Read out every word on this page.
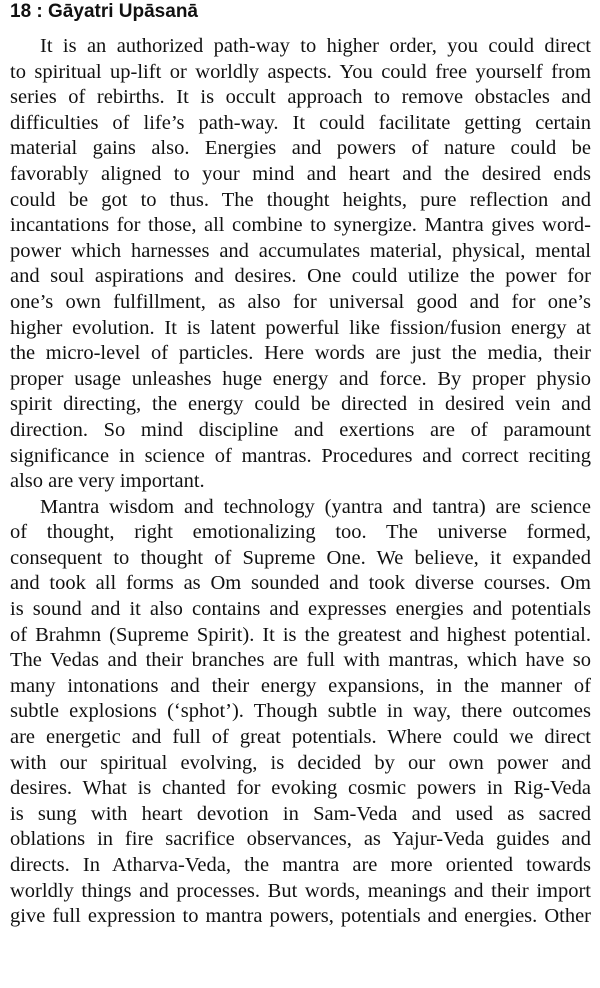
18 : Gāyatri Upāsanā
It is an authorized path-way to higher order, you could direct
to spiritual up-lift or worldly aspects. You could free yourself from
series of rebirths. It is occult approach to remove obstacles and
difficulties of life’s path-way. It could facilitate getting certain
material gains also. Energies and powers of nature could be
favorably aligned to your mind and heart and the desired ends
could be got to thus. The thought heights, pure reflection and
incantations for those, all combine to synergize. Mantra gives word-
power which harnesses and accumulates material, physical, mental
and soul aspirations and desires. One could utilize the power for
one’s own fulfillment, as also for universal good and for one’s
higher evolution. It is latent powerful like fission/fusion energy at
the micro-level of particles. Here words are just the media, their
proper usage unleashes huge energy and force. By proper physio
spirit directing, the energy could be directed in desired vein and
direction. So mind discipline and exertions are of paramount
significance in science of mantras. Procedures and correct reciting
also are very important.
Mantra wisdom and technology (yantra and tantra) are science
of thought, right emotionalizing too. The universe formed,
consequent to thought of Supreme One. We believe, it expanded
and took all forms as Om sounded and took diverse courses. Om
is sound and it also contains and expresses energies and potentials
of Brahmn (Supreme Spirit). It is the greatest and highest potential.
The Vedas and their branches are full with mantras, which have so
many intonations and their energy expansions, in the manner of
subtle explosions (‘sphot’). Though subtle in way, there outcomes
are energetic and full of great potentials. Where could we direct
with our spiritual evolving, is decided by our own power and
desires. What is chanted for evoking cosmic powers in Rig-Veda
is sung with heart devotion in Sam-Veda and used as sacred
oblations in fire sacrifice observances, as Yajur-Veda guides and
directs. In Atharva-Veda, the mantra are more oriented towards
worldly things and processes. But words, meanings and their import
give full expression to mantra powers, potentials and energies. Other
